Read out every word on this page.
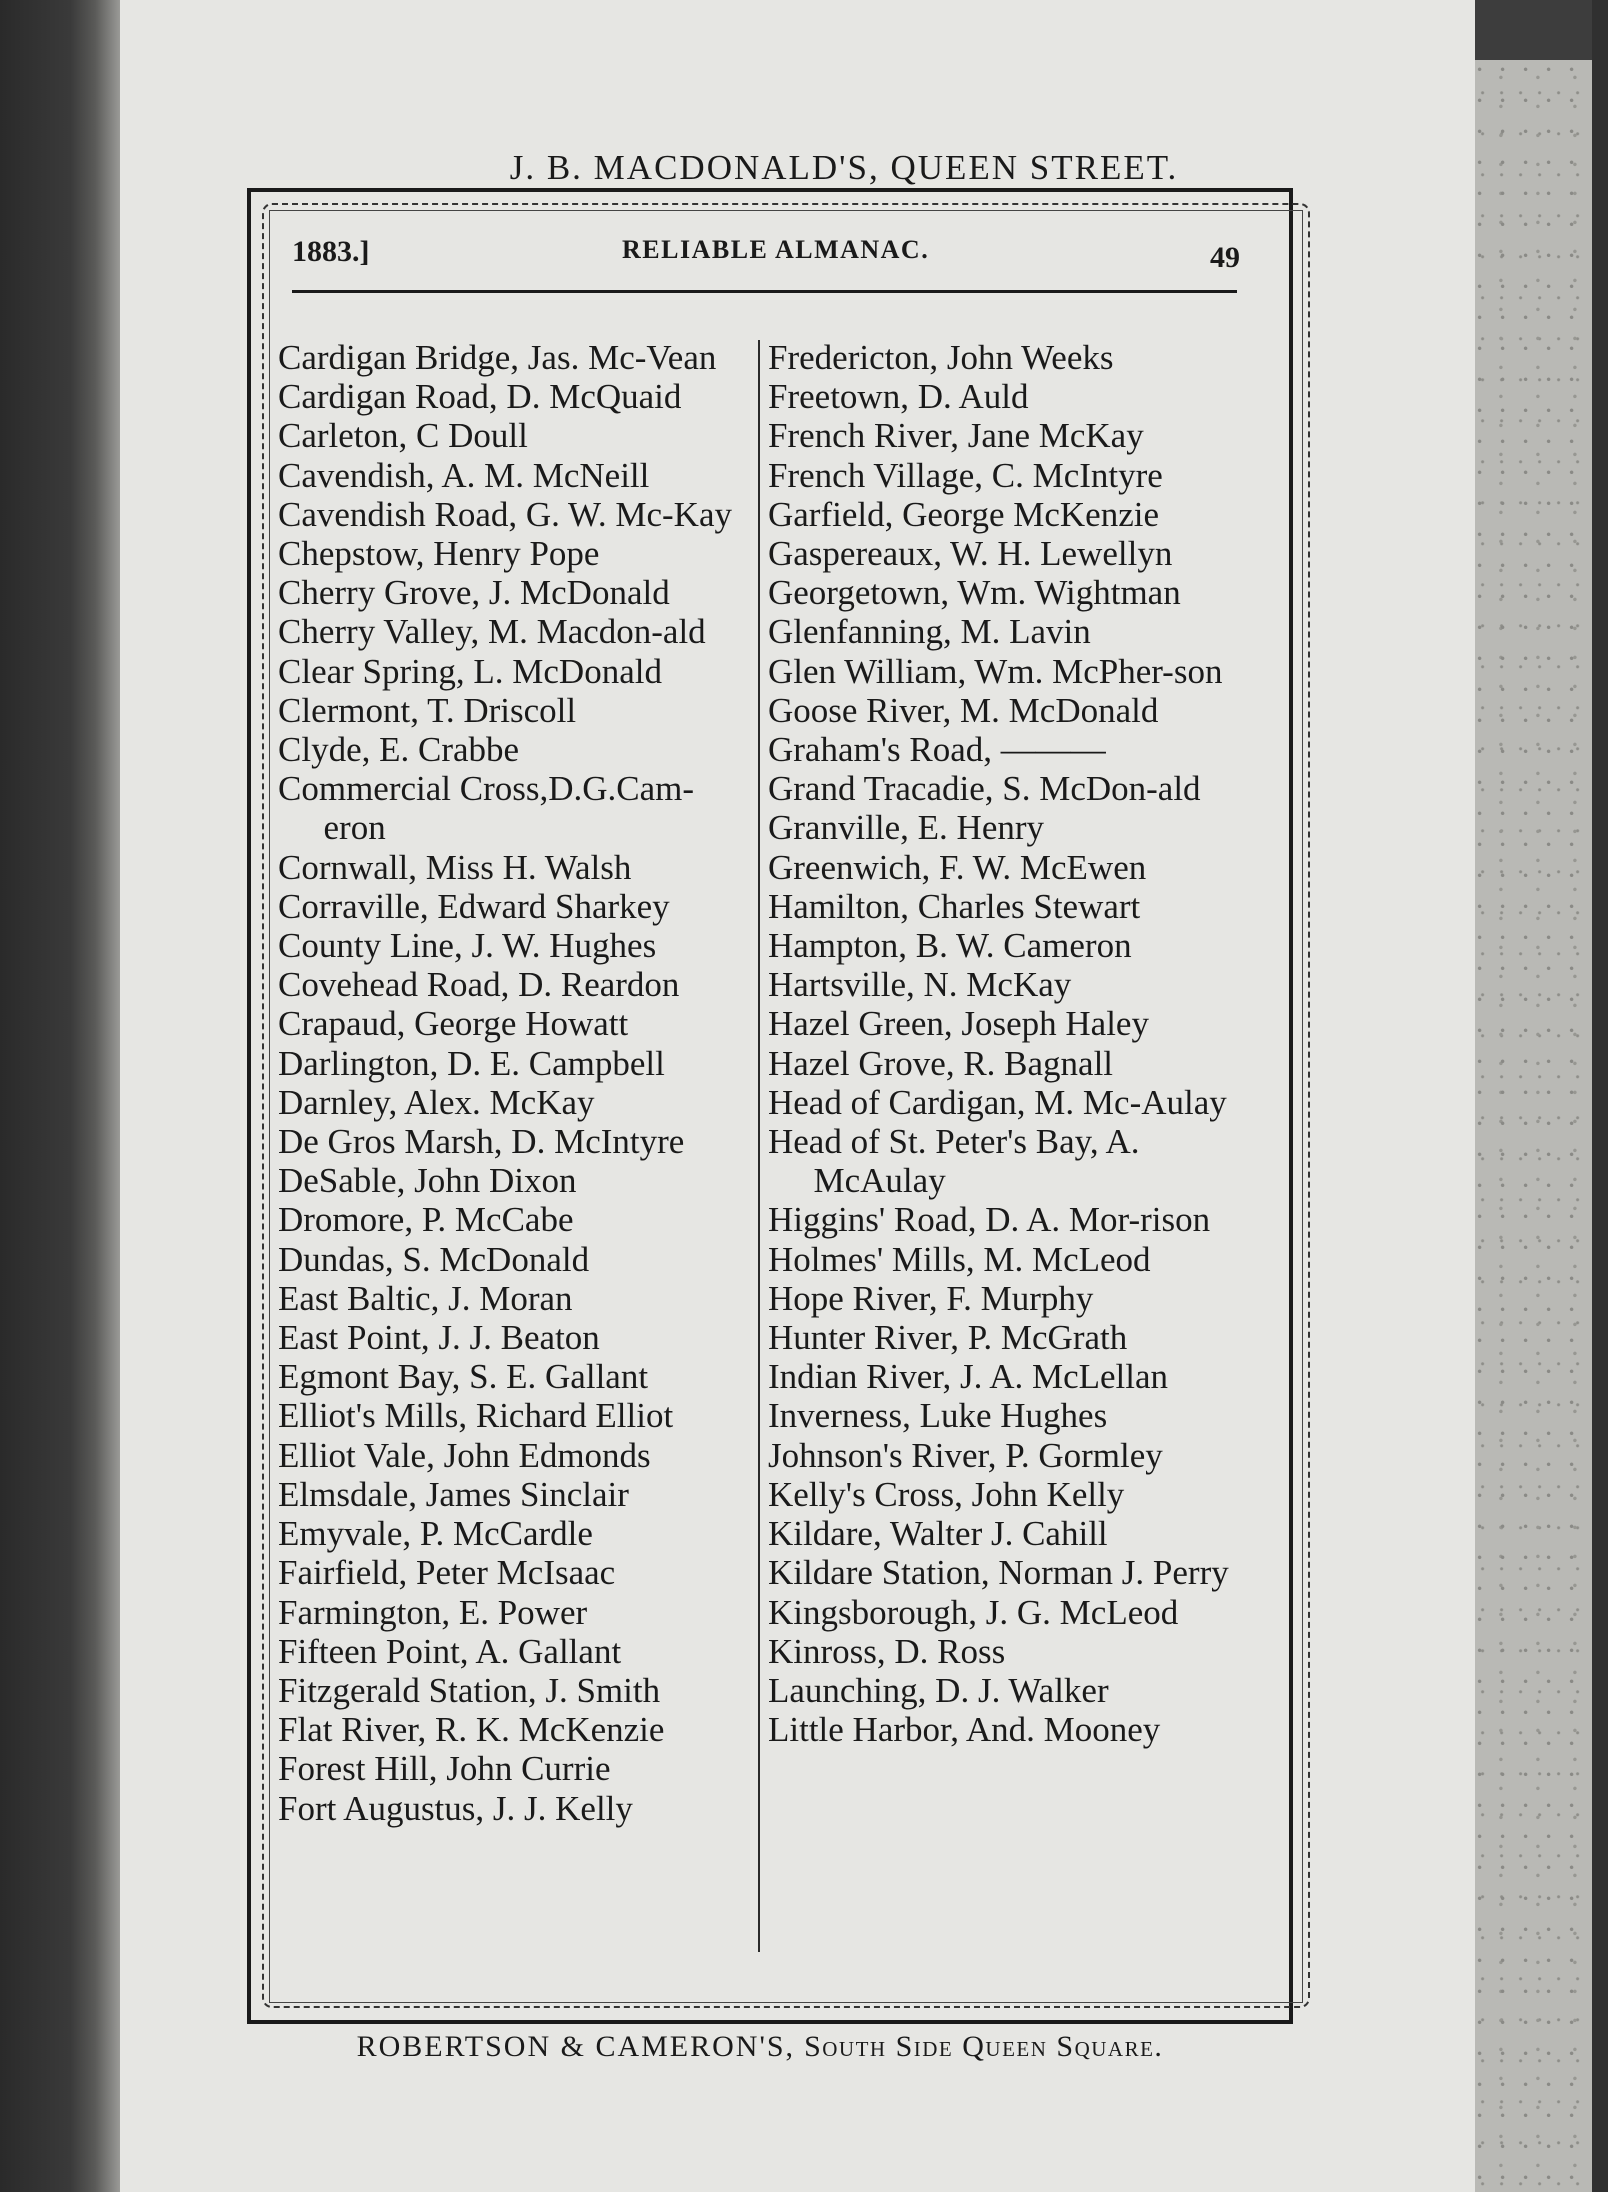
J. B. MACDONALD'S, QUEEN STREET.
1883.]	RELIABLE ALMANAC.	49
Cardigan Bridge, Jas. Mc-Vean
Cardigan Road, D. McQuaid
Carleton, C Doull
Cavendish, A. M. McNeill
Cavendish Road, G. W. Mc-Kay
Chepstow, Henry Pope
Cherry Grove, J. McDonald
Cherry Valley, M. Macdon-ald
Clear Spring, L. McDonald
Clermont, T. Driscoll
Clyde, E. Crabbe
Commercial Cross,D.G.Cam-eron
Cornwall, Miss H. Walsh
Corraville, Edward Sharkey
County Line, J. W. Hughes
Covehead Road, D. Reardon
Crapaud, George Howatt
Darlington, D. E. Campbell
Darnley, Alex. McKay
De Gros Marsh, D. McIntyre
DeSable, John Dixon
Dromore, P. McCabe
Dundas, S. McDonald
East Baltic, J. Moran
East Point, J. J. Beaton
Egmont Bay, S. E. Gallant
Elliot's Mills, Richard Elliot
Elliot Vale, John Edmonds
Elmsdale, James Sinclair
Emyvale, P. McCardle
Fairfield, Peter McIsaac
Farmington, E. Power
Fifteen Point, A. Gallant
Fitzgerald Station, J. Smith
Flat River, R. K. McKenzie
Forest Hill, John Currie
Fort Augustus, J. J. Kelly
Fredericton, John Weeks
Freetown, D. Auld
French River, Jane McKay
French Village, C. McIntyre
Garfield, George McKenzie
Gaspereaux, W. H. Lewellyn
Georgetown, Wm. Wightman
Glenfanning, M. Lavin
Glen William, Wm. McPher-son
Goose River, M. McDonald
Graham's Road, ———
Grand Tracadie, S. McDon-ald
Granville, E. Henry
Greenwich, F. W. McEwen
Hamilton, Charles Stewart
Hampton, B. W. Cameron
Hartsville, N. McKay
Hazel Green, Joseph Haley
Hazel Grove, R. Bagnall
Head of Cardigan, M. Mc-Aulay
Head of St. Peter's Bay, A. McAulay
Higgins' Road, D. A. Mor-rison
Holmes' Mills, M. McLeod
Hope River, F. Murphy
Hunter River, P. McGrath
Indian River, J. A. McLellan
Inverness, Luke Hughes
Johnson's River, P. Gormley
Kelly's Cross, John Kelly
Kildare, Walter J. Cahill
Kildare Station, Norman J. Perry
Kingsborough, J. G. McLeod
Kinross, D. Ross
Launching, D. J. Walker
Little Harbor, And. Mooney
ROBERTSON & CAMERON'S, South Side Queen Square.
